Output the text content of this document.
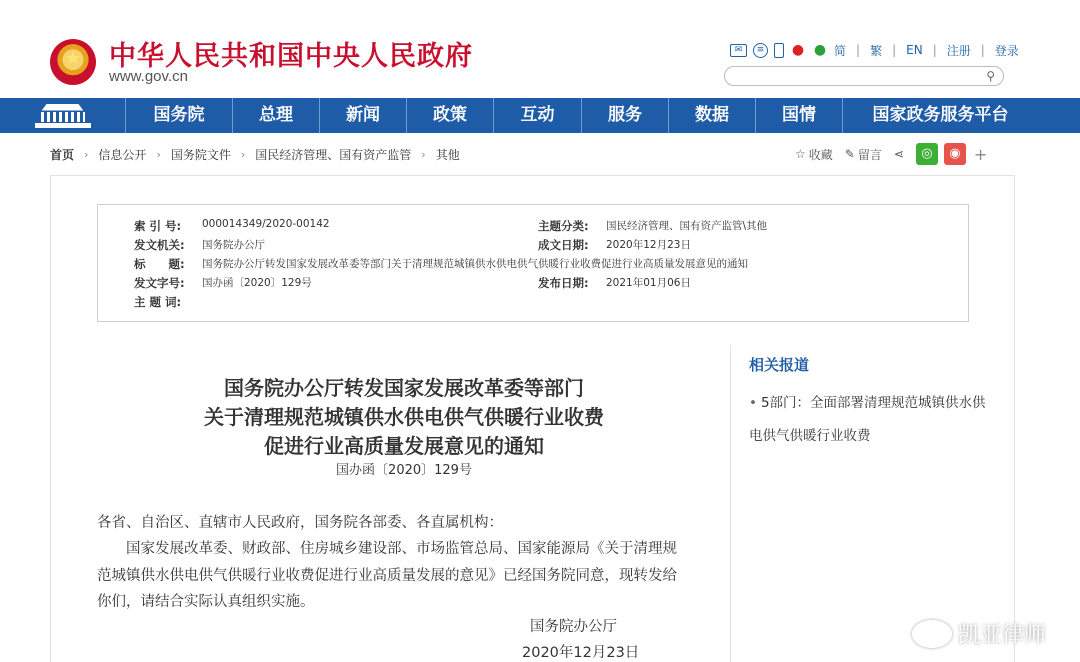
★ 中华人民共和国中央人民政府
www.gov.cn
✉	≡ ● ● 简 | 繁 | EN | 注册 | 登录
⚲
国务院	总理	新闻	政策	互动	服务	数据	国情	国家政务服务平台
首页 › 信息公开 › 国务院文件 › 国民经济管理、国有资产监管 › 其他	☆ 收藏 ✎ 留言 ⋖	◎	◉ +
索 引 号:	000014349/2020-00142	主题分类:	国民经济管理、国有资产监管\其他
发文机关:	国务院办公厅	成文日期:	2020年12月23日
标　　题:	国务院办公厅转发国家发展改革委等部门关于清理规范城镇供水供电供气供暖行业收费促进行业高质量发展意见的通知
发文字号:	国办函〔2020〕129号	发布日期:	2021年01月06日
主 题 词:
国务院办公厅转发国家发展改革委等部门
关于清理规范城镇供水供电供气供暖行业收费
促进行业高质量发展意见的通知
国办函〔2020〕129号
各省、自治区、直辖市人民政府，国务院各部委、各直属机构：
　　国家发展改革委、财政部、住房城乡建设部、市场监管总局、国家能源局《关于清理规
范城镇供水供电供气供暖行业收费促进行业高质量发展的意见》已经国务院同意，现转发给
你们，请结合实际认真组织实施。
国务院办公厅
2020年12月23日
相关报道
• 5部门：全面部署清理规范城镇供水供电供气供暖行业收费
凯亚律师
